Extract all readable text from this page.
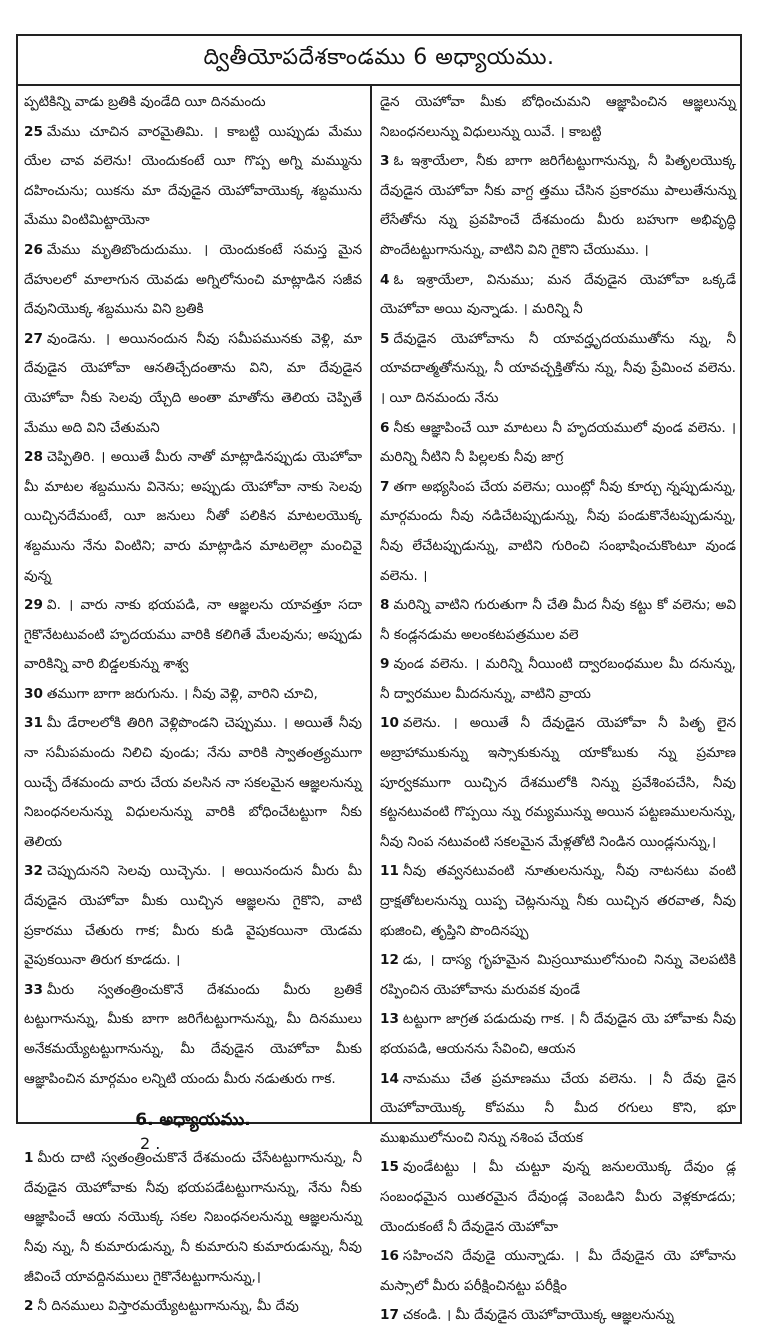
ద్వితీయోపదేశకాండము 6 అధ్యాయము.

ప్పటికిన్ని వాడు బ్రతికి వుండేది యీ దినమందు

25 మేము చూచిన వారమైతిమి. । కాబట్టి యిప్పుడు మేము యేల చావ వలెను! యెందుకంటే యీ గొప్ప అగ్ని మమ్మును దహించును; యికను మా దేవుడైన యెహోవాయొక్క శబ్దమును మేము వింటిమిట్టాయెనా

26 మేము మృతిబొందుదుము. । యెందుకంటే సమస్త మైన దేహులలో మాలాగున యెవడు అగ్నిలోనుంచి మాట్లాడిన సజీవ దేవునియొక్క శబ్దమును విని బ్రతికి

27 వుండెను. । అయినందున నీవు సమీపమునకు వెళ్లి, మా దేవుడైన యెహోవా ఆనతిచ్చేదంతాను విని, మా దేవుడైన యెహోవా నీకు సెలవు య్చేది అంతా మాతోను తెలియ చెప్పితే మేము అది విని చేతుమని

28 చెప్పితిరి. । అయితే మీరు నాతో మాట్లాడినప్పుడు యెహోవా మీ మాటల శబ్దమును వినెను; అప్పుడు యెహోవా నాకు సెలవు యిచ్చినదేమంటే, యీ జనులు నీతో పలికిన మాటలయొక్క శబ్దమును నేను వింటిని; వారు మాట్లాడిన మాటలెల్లా మంచివై వున్న

29 వి. । వారు నాకు భయపడి, నా ఆజ్ఞలను యావత్తూ సదా గైకొనేటటువంటి హృదయము వారికి కలిగితే మేలవును; అప్పుడు వారికిన్ని వారి బిడ్డలకున్ను శాశ్వ

30 తముగా బాగా జరుగును. । నీవు వెళ్లి, వారిని చూచి,

31 మీ డేరాలలోకి తిరిగి వెళ్లిపొండని చెప్పుము. । అయితే నీవు నా సమీపమందు నిలిచి వుండు; నేను వారికి స్వాతంత్ర్యముగా యిచ్చే దేశమందు వారు చేయ వలసిన నా సకలమైన ఆజ్ఞలనున్ను నిబంధనలనున్ను విధులనున్ను వారికి బోధించేటట్టుగా నీకు తెలియ

32 చెప్పుదునని సెలవు యిచ్చెను. । అయినందున మీరు మీ దేవుడైన యెహోవా మీకు యిచ్చిన ఆజ్ఞలను గైకొని, వాటి ప్రకారము చేతురు గాక; మీరు కుడి వైపుకయినా యెడమ వైపుకయినా తిరుగ కూడదు. ।

33 మీరు స్వతంత్రించుకొనే దేశమందు మీరు బ్రతికే టట్టుగానున్ను, మీకు బాగా జరిగేటట్టుగానున్ను, మీ దినములు అనేకమయ్యేటట్టుగానున్ను, మీ దేవుడైన యెహోవా మీకు ఆజ్ఞాపించిన మార్గమం లన్నిటి యందు మీరు నడుతురు గాక.

6. అధ్యాయము.

1 మీరు దాటి స్వతంత్రించుకొనే దేశమందు చేసేటట్టుగానున్ను, నీ దేవుడైన యెహోవాకు నీవు భయపడేటట్టుగానున్ను, నేను నీకు ఆజ్ఞాపించే ఆయ నయొక్క సకల నిబంధనలనున్ను ఆజ్ఞలనున్ను నీవు న్ను, నీ కుమారుడున్ను, నీ కుమారుని కుమారుడున్ను, నీవు జీవించే యావద్దినములు గైకొనేటట్టుగానున్ను,।

2 నీ దినములు విస్తారమయ్యేటట్టుగానున్ను, మీ దేవు

డైన యెహోవా మీకు బోధించుమని ఆజ్ఞాపించిన ఆజ్ఞలున్ను నిబంధనలున్ను విధులున్ను యివే. । కాబట్టి

3 ఓ ఇశ్రాయేలా, నీకు బాగా జరిగేటట్టుగానున్ను, నీ పితృలయొక్క దేవుడైన యెహోవా నీకు వాగ్ద త్తము చేసిన ప్రకారము పాలుతేనున్ను లేసేతోను న్ను ప్రవహించే దేశమందు మీరు బహుగా అభివృద్ధి పొందేటట్టుగానున్ను, వాటిని విని గైకొని చేయుము. ।

4 ఓ ఇశ్రాయేలా, వినుము; మన దేవుడైన యెహోవా ఒక్కడే యెహోవా అయి వున్నాడు. । మరిన్ని నీ

5 దేవుడైన యెహోవాను నీ యావద్హృదయముతోను న్ను, నీ యావదాత్మతోనున్ను, నీ యావచ్ఛక్తితోను న్ను, నీవు ప్రేమించ వలెను. । యీ దినమందు నేను

6 నీకు ఆజ్ఞాపించే యీ మాటలు నీ హృదయములో వుండ వలెను. । మరిన్ని నీటిని నీ పిల్లలకు నీవు జాగ్ర

7 తగా అభ్యసింప చేయ వలెను; యింట్లో నీవు కూర్చు న్నప్పుడున్ను, మార్గమందు నీవు నడిచేటప్పుడున్ను, నీవు పండుకొనేటప్పుడున్ను, నీవు లేచేటప్పుడున్ను, వాటిని గురించి సంభాషించుకొంటూ వుండ వలెను. ।

8 మరిన్ని వాటిని గురుతుగా నీ చేతి మీద నీవు కట్టు కో వలెను; అవి నీ కండ్లనడుమ అలంకటపత్రముల వలె

9 వుండ వలెను. । మరిన్ని నీయింటి ద్వారబంధముల మీ దనున్ను, నీ ద్వారముల మీదనున్ను, వాటిని వ్రాయ

10 వలెను. । అయితే నీ దేవుడైన యెహోవా నీ పితృ లైన అబ్రాహాముకున్ను ఇస్సాకుకున్ను యాకోబుకు న్ను ప్రమాణ పూర్వకముగా యిచ్చిన దేశములోకి నిన్ను ప్రవేశింపచేసి, నీవు కట్టనటువంటి గొప్పయి న్ను రమ్యమున్ను అయిన పట్టణములనున్ను, నీవు నింప నటువంటి సకలమైన మేళ్లతోటి నిండిన యిండ్లనున్ను,।

11 నీవు తవ్వనటువంటి నూతులనున్ను, నీవు నాటనటు వంటి ద్రాక్షతోటలనున్ను యిప్ప చెట్లనున్ను నీకు యిచ్చిన తరవాత, నీవు భుజించి, తృప్తిని పొందినప్పు

12 డు, । దాస్య గృహమైన మిస్రయీములోనుంచి నిన్ను వెలపటికి రప్పించిన యెహోవాను మరువక వుండే

13 టట్టుగా జాగ్రత పడుదువు గాక. । నీ దేవుడైన యె హోవాకు నీవు భయపడి, ఆయనను సేవించి, ఆయన

14 నామము చేత ప్రమాణము చేయ వలెను. । నీ దేవు డైన యెహోవాయొక్క కోపము నీ మీద రగులు కొని, భూ ముఖములోనుంచి నిన్ను నశింప చేయక

15 వుండేటట్టు । మీ చుట్టూ వున్న జనులయొక్క దేవుం డ్ల సంబంధమైన యితరమైన దేవుండ్ల వెంబడిని మీరు వెళ్లకూడదు; యెందుకంటే నీ దేవుడైన యెహోవా

16 సహించని దేవుడై యున్నాడు. । మీ దేవుడైన యె హోవాను మస్సాలో మీరు పరీక్షించినట్టు పరీక్షిం

17 చకండి. । మీ దేవుడైన యెహోవాయొక్క ఆజ్ఞలనున్ను

2 .
